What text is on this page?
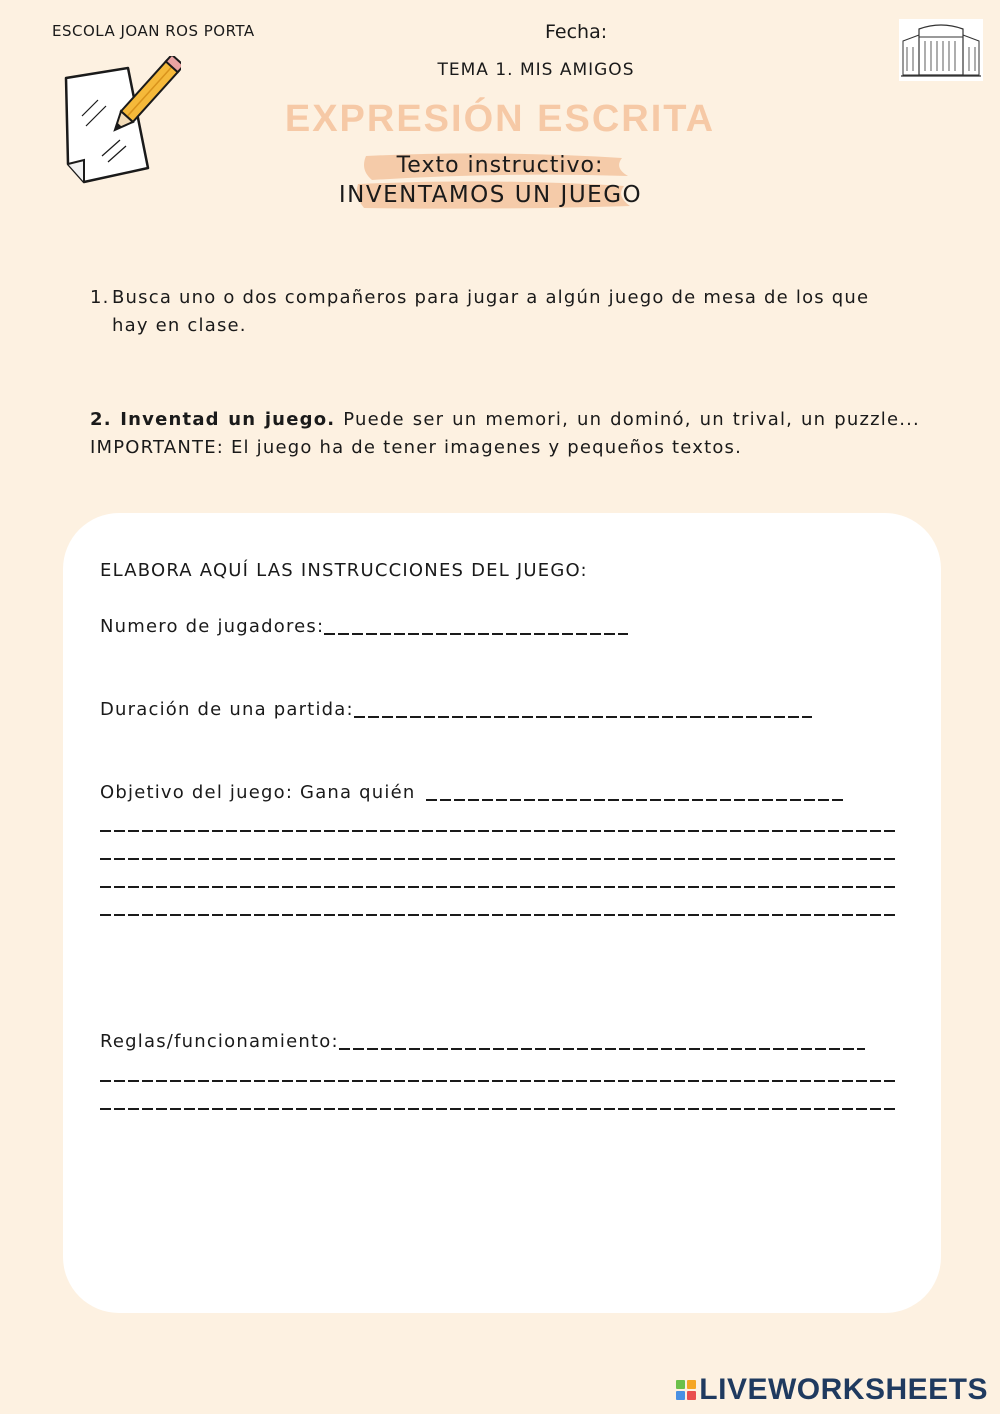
ESCOLA JOAN ROS PORTA	Fecha:
TEMA 1. MIS AMIGOS
EXPRESIÓN ESCRITA
Texto instructivo:
INVENTAMOS UN JUEGO
1. Busca uno o dos compañeros para jugar a algún juego de mesa de los que hay en clase.
2. Inventad un juego. Puede ser un memori, un dominó, un trival, un puzzle... IMPORTANTE: El juego ha de tener imagenes y pequeños textos.
ELABORA AQUÍ LAS INSTRUCCIONES DEL JUEGO:
Numero de jugadores:
Duración de una partida:
Objetivo del juego: Gana quién
Reglas/funcionamiento:
LIVEWORKSHEETS
